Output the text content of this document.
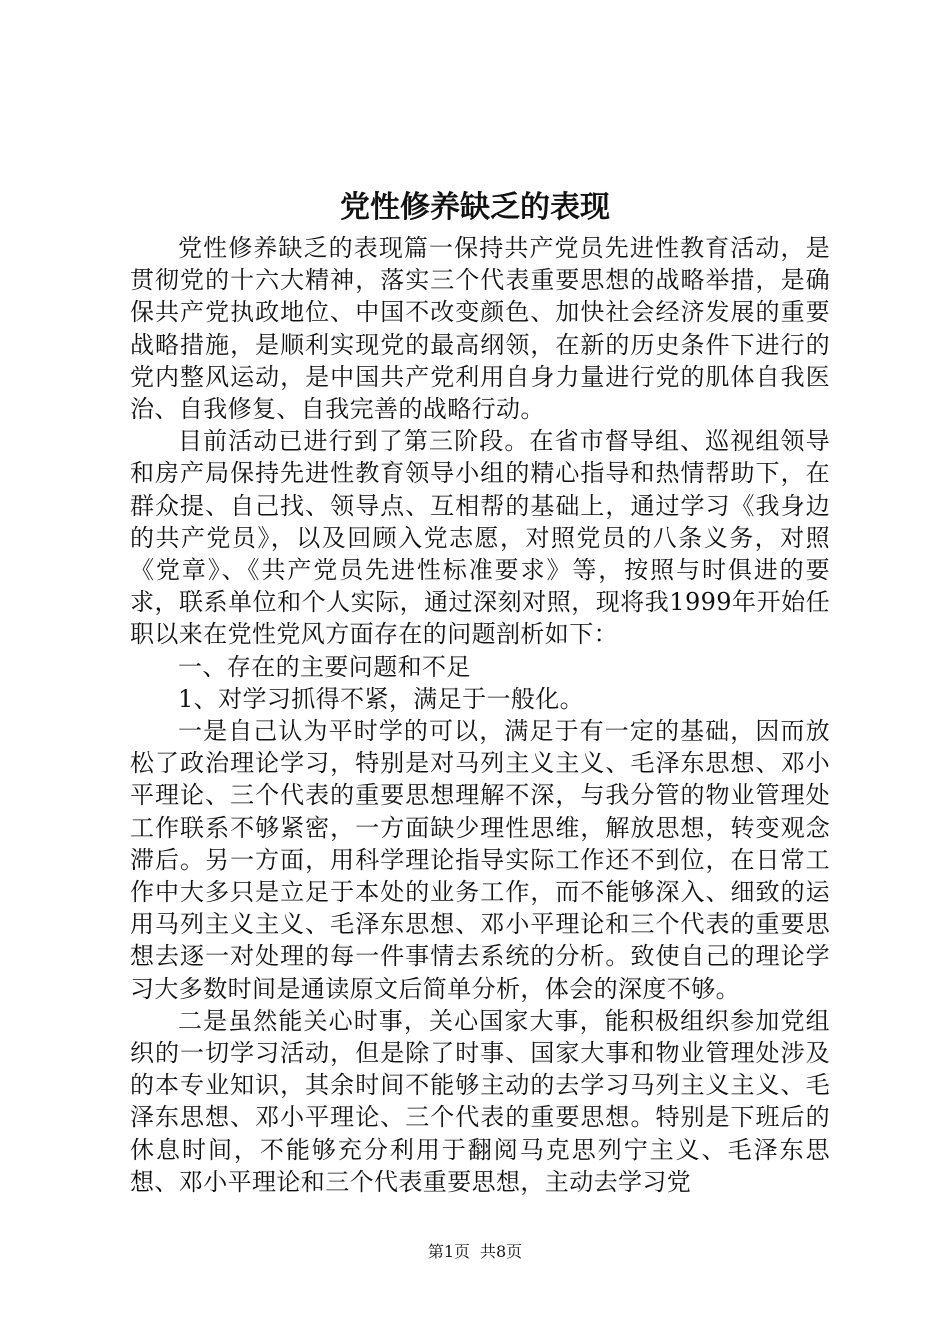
党性修养缺乏的表现

党性修养缺乏的表现篇一保持共产党员先进性教育活动，是贯彻党的十六大精神，落实三个代表重要思想的战略举措，是确保共产党执政地位、中国不改变颜色、加快社会经济发展的重要战略措施，是顺利实现党的最高纲领，在新的历史条件下进行的党内整风运动，是中国共产党利用自身力量进行党的肌体自我医治、自我修复、自我完善的战略行动。

目前活动已进行到了第三阶段。在省市督导组、巡视组领导和房产局保持先进性教育领导小组的精心指导和热情帮助下，在群众提、自己找、领导点、互相帮的基础上，通过学习《我身边的共产党员》，以及回顾入党志愿，对照党员的八条义务，对照《党章》、《共产党员先进性标准要求》等，按照与时俱进的要求，联系单位和个人实际，通过深刻对照，现将我1999年开始任职以来在党性党风方面存在的问题剖析如下：

一、存在的主要问题和不足

1、对学习抓得不紧，满足于一般化。

一是自己认为平时学的可以，满足于有一定的基础，因而放松了政治理论学习，特别是对马列主义主义、毛泽东思想、邓小平理论、三个代表的重要思想理解不深，与我分管的物业管理处工作联系不够紧密，一方面缺少理性思维，解放思想，转变观念滞后。另一方面，用科学理论指导实际工作还不到位，在日常工作中大多只是立足于本处的业务工作，而不能够深入、细致的运用马列主义主义、毛泽东思想、邓小平理论和三个代表的重要思想去逐一对处理的每一件事情去系统的分析。致使自己的理论学习大多数时间是通读原文后简单分析，体会的深度不够。

二是虽然能关心时事，关心国家大事，能积极组织参加党组织的一切学习活动，但是除了时事、国家大事和物业管理处涉及的本专业知识，其余时间不能够主动的去学习马列主义主义、毛泽东思想、邓小平理论、三个代表的重要思想。特别是下班后的休息时间，不能够充分利用于翻阅马克思列宁主义、毛泽东思想、邓小平理论和三个代表重要思想，主动去学习党

第1页 共8页
